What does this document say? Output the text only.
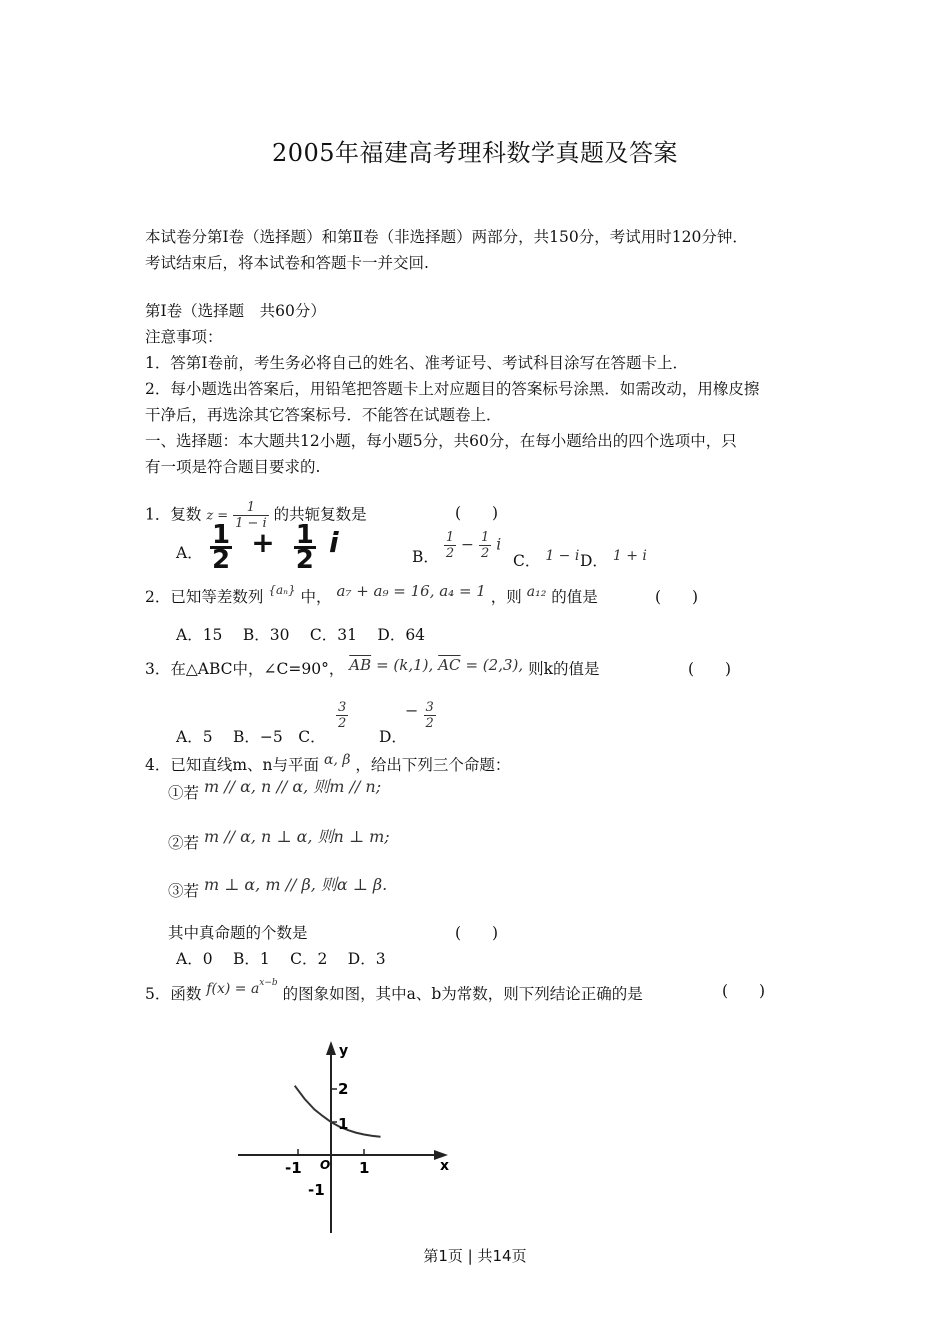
2005年福建高考理科数学真题及答案
本试卷分第Ⅰ卷（选择题）和第Ⅱ卷（非选择题）两部分，共150分，考试用时120分钟．
考试结束后，将本试卷和答题卡一并交回.
第Ⅰ卷（选择题　共60分）
注意事项：
1．答第Ⅰ卷前，考生务必将自己的姓名、准考证号、考试科目涂写在答题卡上．
2．每小题选出答案后，用铅笔把答题卡上对应题目的答案标号涂黑．如需改动，用橡皮擦
干净后，再选涂其它答案标号．不能答在试题卷上．
一、选择题：本大题共12小题，每小题5分，共60分，在每小题给出的四个选项中，只
有一项是符合题目要求的.
1．复数 $z = \frac{1}{1 - i}$ 的共轭复数是	(　　)
A． $\frac{1}{2} + \frac{1}{2}$ i	B． $\frac{1}{2} - \frac{1}{2}$ i
C． 1 − i D． 1 + i
2．已知等差数列 $^{\{a_n\}}$ 中， a₇ + a₉ = 16, a₄ = 1 ，则 a₁₂ 的值是	(　　)
A．15　 B．30　 C．31　 D．64
3．在△ABC中，∠C=90°， $\overline{AB} = (k,1)$, $\overline{AC} = (2,3)$, 则k的值是	(　　)
A．5　 B．−5　C．
$\frac{3}{2}$
D．
− $\frac{3}{2}$
4．已知直线m、n与平面 α, β ，给出下列三个命题：
①若 m // α, n // α, 则m // n;
②若 m // α, n ⊥ α, 则n ⊥ m;
③若 m ⊥ α, m // β, 则α ⊥ β.
其中真命题的个数是	(　　)
A．0　 B．1　 C．2　 D．3
5．函数 $f(x) = a^{x-b}$ 的图象如图，其中a、b为常数，则下列结论正确的是	(　　)
y
x
O
2
1
-1
-1	1
第1页 | 共14页
